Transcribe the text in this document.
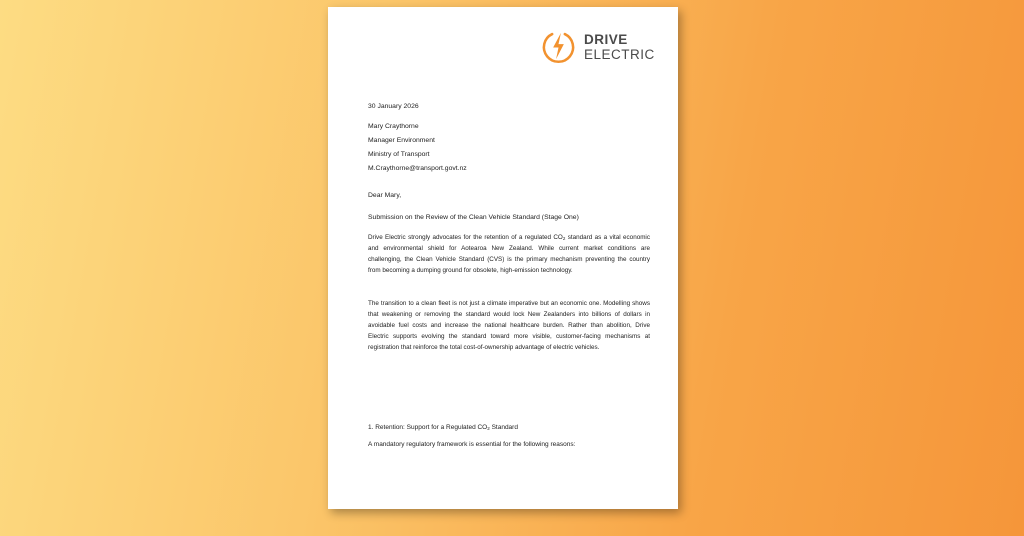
DRIVE
ELECTRIC
30 January 2026
Mary Craythorne
Manager Environment
Ministry of Transport
M.Craythorne@transport.govt.nz
Dear Mary,
Submission on the Review of the Clean Vehicle Standard (Stage One)
Drive Electric strongly advocates for the retention of a regulated $CO_2$ standard as a vital economic and environmental shield for Aotearoa New Zealand. While current market conditions are challenging, the Clean Vehicle Standard (CVS) is the primary mechanism preventing the country from becoming a dumping ground for obsolete, high-emission technology.
The transition to a clean fleet is not just a climate imperative but an economic one. Modelling shows that weakening or removing the standard would lock New Zealanders into billions of dollars in avoidable fuel costs and increase the national healthcare burden. Rather than abolition, Drive Electric supports evolving the standard toward more visible, customer-facing mechanisms at registration that reinforce the total cost-of-ownership advantage of electric vehicles.
1. Retention: Support for a Regulated $CO_2$ Standard
A mandatory regulatory framework is essential for the following reasons:
